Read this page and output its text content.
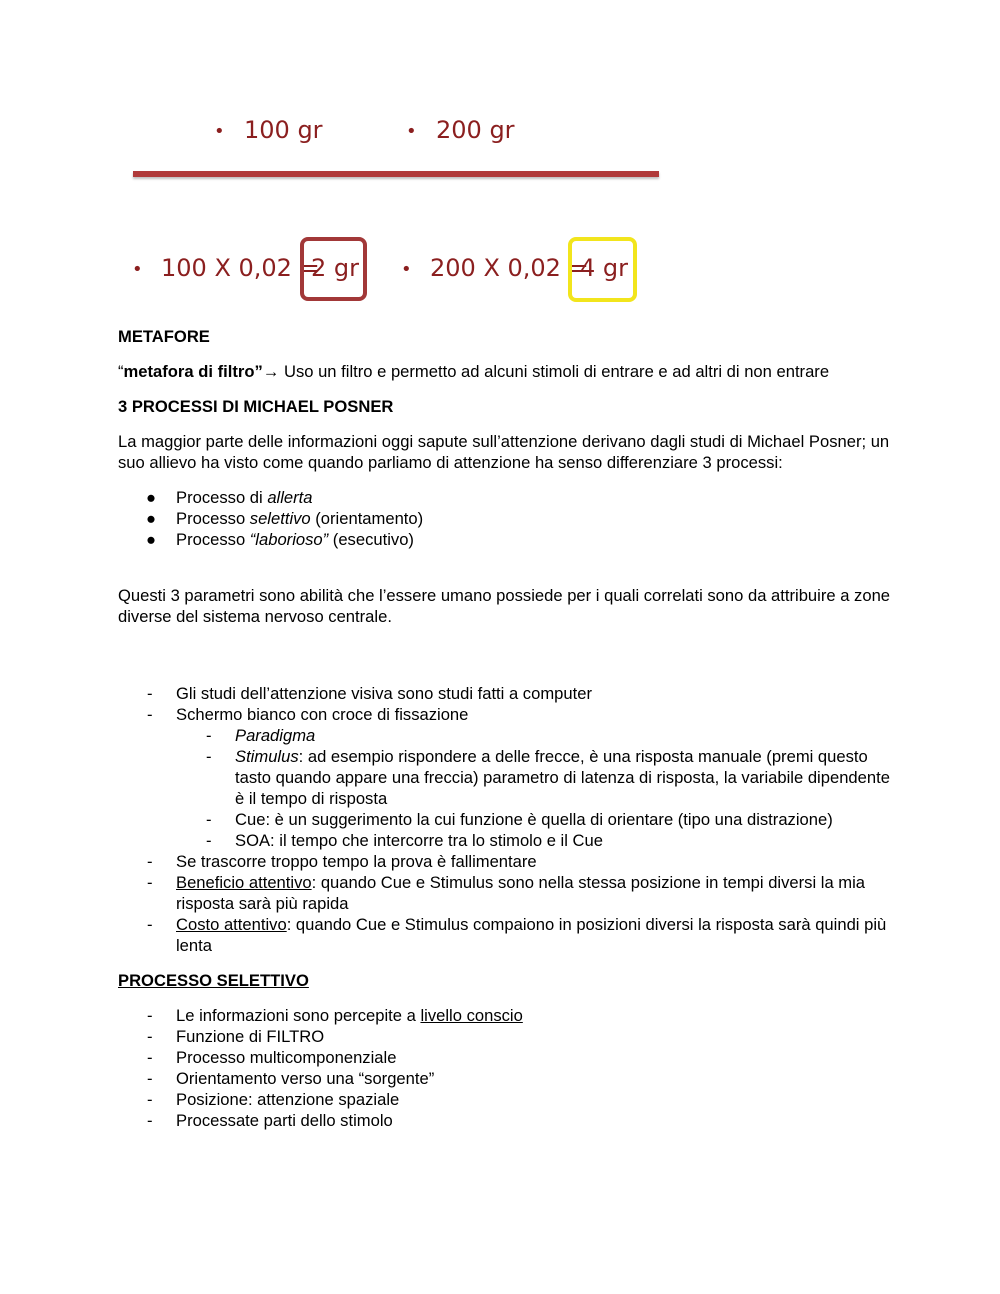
• 100 gr	• 200 gr
• 100 X 0,02 =
2 gr • 200 X 0,02 =
4 gr

METAFORE

“metafora di filtro”→ Uso un filtro e permetto ad alcuni stimoli di entrare e ad altri di non entrare

3 PROCESSI DI MICHAEL POSNER

La maggior parte delle informazioni oggi sapute sull’attenzione derivano dagli studi di Michael Posner; un suo allievo ha visto come quando parliamo di attenzione ha senso differenziare 3 processi:

● Processo di allerta
● Processo selettivo (orientamento)
● Processo “laborioso” (esecutivo)

Questi 3 parametri sono abilità che l’essere umano possiede per i quali correlati sono da attribuire a zone diverse del sistema nervoso centrale.

- Gli studi dell’attenzione visiva sono studi fatti a computer
- Schermo bianco con croce di fissazione
- Paradigma
- Stimulus: ad esempio rispondere a delle frecce, è una risposta manuale (premi questo tasto quando appare una freccia) parametro di latenza di risposta, la variabile dipendente è il tempo di risposta
- Cue: è un suggerimento la cui funzione è quella di orientare (tipo una distrazione)
- SOA: il tempo che intercorre tra lo stimolo e il Cue
- Se trascorre troppo tempo la prova è fallimentare
- Beneficio attentivo: quando Cue e Stimulus sono nella stessa posizione in tempi diversi la mia risposta sarà più rapida
- Costo attentivo: quando Cue e Stimulus compaiono in posizioni diversi la risposta sarà quindi più lenta

PROCESSO SELETTIVO

- Le informazioni sono percepite a livello conscio
- Funzione di FILTRO
- Processo multicomponenziale
- Orientamento verso una “sorgente”
- Posizione: attenzione spaziale
- Processate parti dello stimolo
